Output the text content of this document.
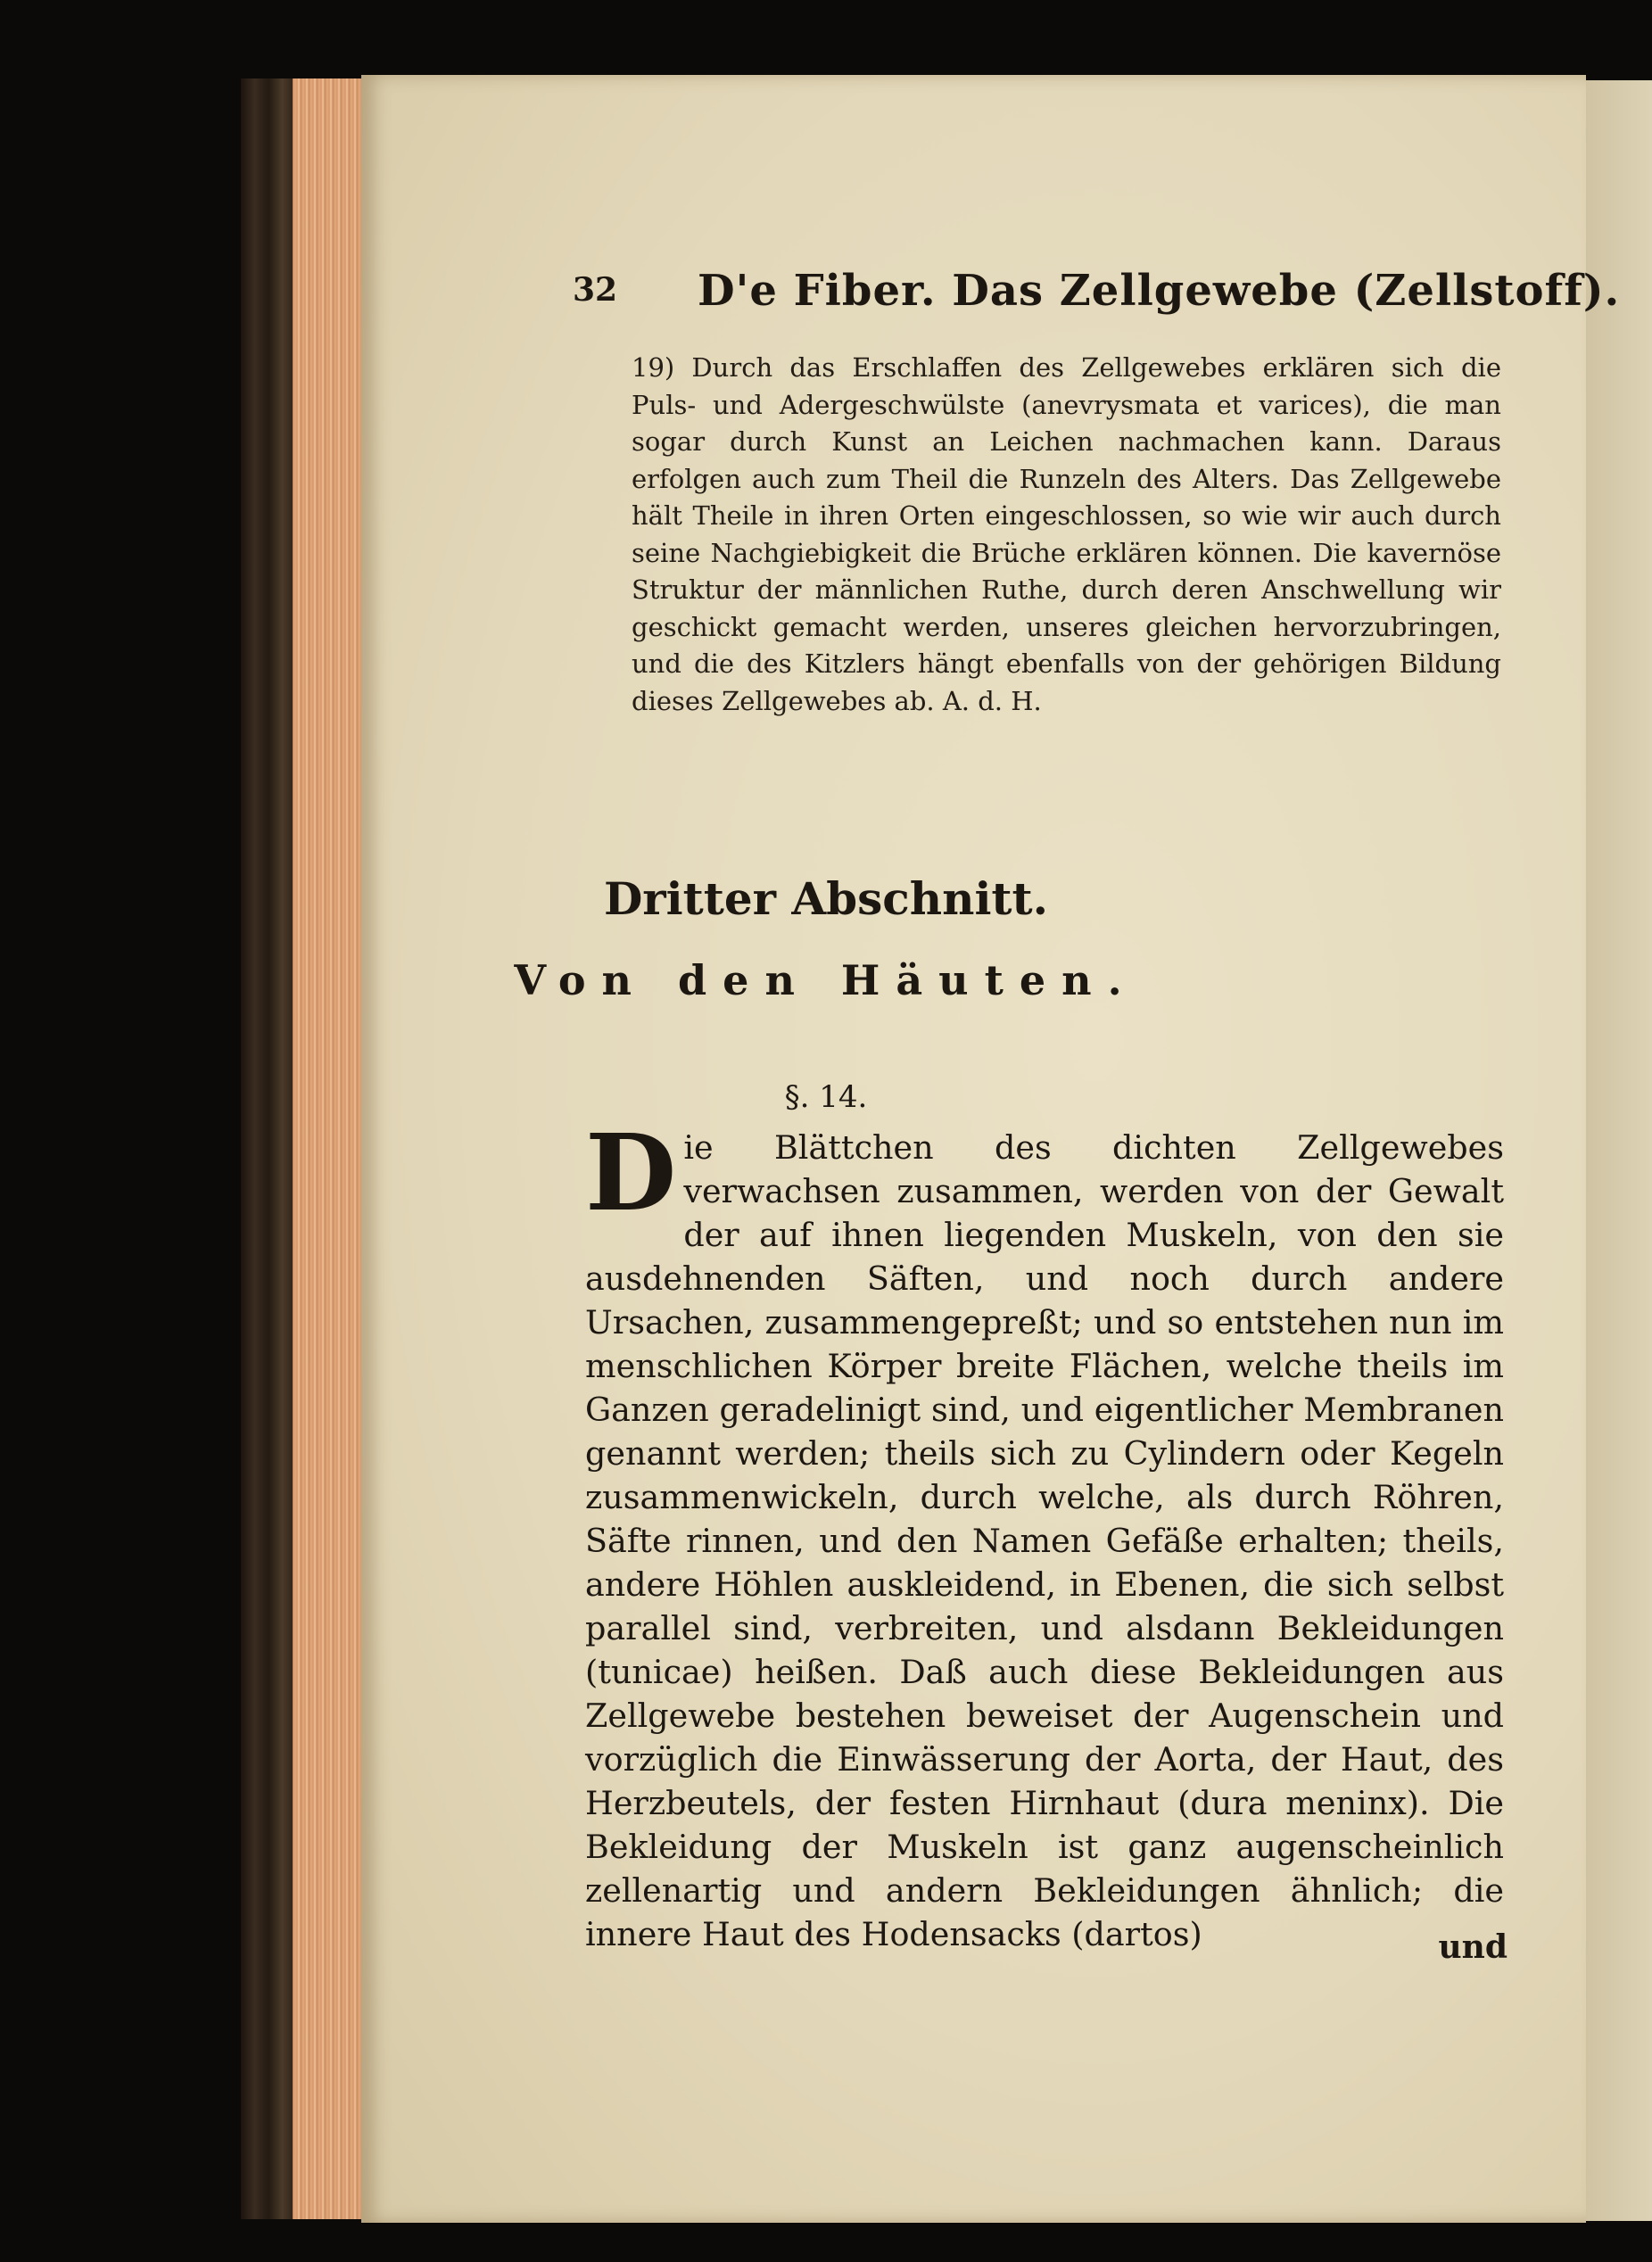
32 D'e Fiber. Das Zellgewebe (Zellstoff).

19) Durch das Erschlaffen des Zellgewebes erklären sich die Puls- und Adergeschwülste (anevrysmata et varices), die man sogar durch Kunst an Leichen nachmachen kann. Daraus erfolgen auch zum Theil die Runzeln des Alters. Das Zellgewebe hält Theile in ihren Orten eingeschlossen, so wie wir auch durch seine Nachgiebigkeit die Brüche erklären können. Die kavernöse Struktur der männlichen Ruthe, durch deren Anschwellung wir geschickt gemacht werden, unseres gleichen hervorzubringen, und die des Kitzlers hängt ebenfalls von der gehörigen Bildung dieses Zellgewebes ab. A. d. H.

Dritter Abschnitt.
Von den Häuten.
§. 14.

Die Blättchen des dichten Zellgewebes verwachsen zusammen, werden von der Gewalt der auf ihnen liegenden Muskeln, von den sie ausdehnenden Säften, und noch durch andere Ursachen, zusammengepreßt; und so entstehen nun im menschlichen Körper breite Flächen, welche theils im Ganzen geradelinigt sind, und eigentlicher Membranen genannt werden; theils sich zu Cylindern oder Kegeln zusammenwickeln, durch welche, als durch Röhren, Säfte rinnen, und den Namen Gefäße erhalten; theils, andere Höhlen auskleidend, in Ebenen, die sich selbst parallel sind, verbreiten, und alsdann Bekleidungen (tunicae) heißen. Daß auch diese Bekleidungen aus Zellgewebe bestehen beweiset der Augenschein und vorzüglich die Einwässerung der Aorta, der Haut, des Herzbeutels, der festen Hirnhaut (dura meninx). Die Bekleidung der Muskeln ist ganz augenscheinlich zellenartig und andern Bekleidungen ähnlich; die innere Haut des Hodensacks (dartos)	und
